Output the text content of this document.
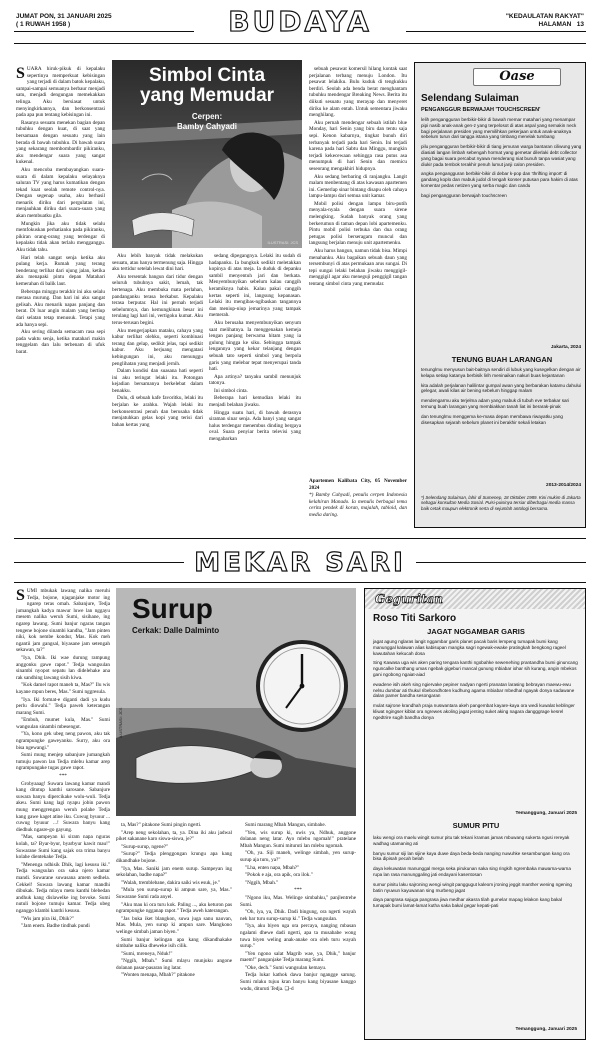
JUMAT PON, 31 JANUARI 2025
( 1 RUWAH 1958 )	BUDAYA	"KEDAULATAN RAKYAT"
HALAMAN 13
S UARA hiruk-pikuk di kepalaku sepertinya memperkuat kebisingan yang terjadi di dalam batok kepalaku, sampai-sampai semuanya berbaur menjadi satu, menjadi dengungan memekakkan telinga. Aku bersiasat untuk menyingkirkannya, dan berkonsentrasi pada apa pun tentang kebisingan ini.

Rasanya sesuatu menekan bagian depan tubuhku dengan kuat, di saat yang bersamaan dengan sesuatu yang lain berada di bawah tubuhku. Di bawah suara yang sekarang membombardir pikiranku, aku mendengar suara yang sangat kukenal.

Aku mencoba membayangkan suara-suara di dalam kepalaku selayaknya saluran TV yang harus kumatikan dengan tekad kuat seolah remote control-nya. Dengan segenap usaha, aku berhasil menarik diriku dari pergulatan ini, menjauhkan diriku dari suara-suara yang akan membuatku gila.

Mungkin jika aku tidak selalu memfokuskan perhatianku pada pikiranku, pikiran orang-orang yang terdengar di kepalaku tidak akan terlalu mengganggu. Aku tidak tahu.

Hari telah sangat senja ketika aku pulang kerja. Rumah yang terang benderang terlihat dari ujung jalan, ketika aku menapaki pintu depan Matahari kemerahan di balik laut.

Beberapa minggu terakhir ini aku selalu merasa murung. Dan hari ini aku sangat gelisah. Aku menarik napas panjang dan berat. Di luar angin malam yang bertiup dari selatan tetap menusuk. Tetapi yang ada hanya sepi.

Aku sering dilanda semacam rasa sepi pada waktu senja, ketika matahari makin tenggelam dan lalu terbenam di ufuk barat.

Simbol Cinta
yang Memudar
Cerpen:
Bamby Cahyadi
ILUSTRASI: JCS

Aku lebih banyak tidak melakukan sesuatu, atau hanya termenung saja. Hingga aku tertidur setelah lewat dini hari.

Aku tersentak bangun dari tidur dengan seluruh tubuhnya sakit, lemah, tak bertenaga. Aku membuka mata perlahan, pandanganku terasa berkabut. Kepalaku terasa berputar. Hal ini pernah terjadi sebelumnya, dan kemungkinan besar ini terulang lagi hari ini, vertigoku kumat. Aku terus-terusan begini.

Aku mengerjapkan mataku, cahaya yang kabur terlihat olehku, seperti kombinasi terang dan gelap, sedikit jelas, tapi sedikit kabur. Aku berjuang mengatasi kebingungan ini, aku menunggu penglihatan yang menjadi jernih.

Dalam kondisi dan suasana hati seperti ini aku teringat lelaki itu. Potongan kejadian bersamanya berkelebat dalam benakku.

Dulu, di sebuah kafe favoritku, lelaki itu berjalan ke arahku. Wajah lelaki itu berkonsentrasi penuh dan berusaha tidak menjatuhkan gelas kopi yang terisi dari bahan kertas yang

sedang dipegangnya. Lelaki itu sudah di hadapanku. Ia bungkuk sedikit meletakkan kopinya di atas meja. Ia duduk di depanku sambil menyentuh jari dan berkata. Menyembunyikan sebelum kalau canggih keramiknya habis. Kalau pakai canggih kertas seperti ini, langsung kepanasan. Lelaki itu mengibas-ngibaskan tangannya dan meniup-niup jemarinya yang tampak memerah.

Aku berusaha menyembunyikan senyum saat melihatnya. Ia menggenakan kemeja lengan panjang berwarna hitam yang ia gulung hingga ke siku. Sebingga tampak lengannya yang kekar telanjang dengan sebuah tato seperti simbol yang berpola garis yang melebar tepat menyerupai tanda hati.

Apa artinya? tanyaku sambil menunjuk tatonya.

Ini simbol cinta.

Beberapa hari kemudian lelaki itu menjadi belahan jiwaku.

Hingga suatu hari, di bawah derasnya siraman sinar senja. Ada banyi yang sangat halus terdengar menembus dinding bergaya oval. Suara penyiar berita televisi yang mengabarkan

sebuah pesawat komersil hilang kontak saat perjalanan terbang menuju London. Itu pesawat lelakiku. Bulu kuduk di tengkukku berdiri. Seolah ada benda berat menghantam tubuhku mendengar Breaking News. Berita itu diikuti sesuatu yang merayap dan menyeret diriku ke alam entah. Untuk sementara jiwaku menghilang.

Aku pernah mendengar sebuah istilah blue Monday, hari Senin yang biru dan tentu saja sepi. Kenon kabarnya, tingkat bunuh diri terbanyak terjadi pada hari Senin. Ini terjadi karena pada hari Sabtu dan Minggu, mungkin terjadi kekecewaan sehingga rasa putus asa menumpuk di hari Senin dan memicu seseorang mengakhiri hidupnya.

Aku sedang berbaring di ranjangku. Langit malam menbentang di atas kawasan apartemen ini. Gemerlap sinar bintang disapu oleh cahaya lampu-lampu dari semua unit kamar.

Mobil polisi dengan lampu biru-putih menyala-nyala dengan suara sirene melengking. Sudah banyak orang yang berkerumun di taman depan lobi apartemenku. Pintu mobil polisi terbuka dan dua orang petugas polisi berseragam muncul dan langsung berjalan menuju unit apartemenku.

Aku harus bangun, namun tidak bisa. Mimpi menahanku. Aku bagaikan sebuah daun yang tersembunyi di atas permukaan arus sungai. Di tepi sungai lelaki belahan jiwaku menggigil-menggigil agar aku meneguji penggigil tangan tentang simbol cinta yang memudar.

Apartemen Kalibata City, 05 November 2024
*) Bamby Cahyadi, penulis cerpen Indonesia kelahiran Manado. Ia menulis berbagai tema cerita pendek di koran, majalah, tabloid, dan media daring.
Oase
Selendang Sulaiman
PENGANGGUR BERWAJAH 'TOUCHSCREEN'
lelih pengangguran berbikir-bikir di bawah memar matahari yang menampar pipi nasib anak-anak gen-z yang terpelosot di atas aspal yang semakin neck bagi perjalanan presiden yang memilihkan pekerjaan untuk anak-anaknya sebelum turun dari tangga istana yang timbang menelak tumbang
pilu pengangguran berbikir-bikir di tiang jemuran warga bantaran ciliwung yang diasiati langan limbah sebengah hormat yang gemetar dilerlaki debt collector yang bagai suara percabut nyawa menderang niat bunuh tanpa wasiat yang diukir pada tembok terakhir penuh lumut janji calon presiden.
angka pengangguran berbikir-bikir di debar k-pop dan 'thrifting import' di gandang koplo dan mabuk judol di tengah konser putusan para hakim di atas komentar pedas netizen yang serba magic dan candu
bagi pengangguran berwajah touchscreen
Jakarta, 2024
TENUNG BUAH LARANGAN
tenunglmu menyusun bait-baitnya sendiri di lubuk yang kusegelkan dengan air kelapa setiap katanya berbisik lirih meninaikan nakuri buas kejantanan
kita adalah perjalanan halilintar gumpal awan yang berbarakan katamu dahului gelegar, awali kilas air bening sebelum hinggap malam
mendengarmu aku terjelma adam yang mabuk di tubuh eve terbakar sari temung buah larangan yang membiakkan tanah liat ini berarak-pinak
dan tenunglmu menggema ke-masa depan membawa riwayatku yang disesapkan sejarah sebelum planet ini berakhir sekali letakan
2013-2014/2024
*) Selendang Sulaiman, lahir di Sumenep, 18 Oktober 1989. Kini mukim di Jakarta sebagai konsultan Media Sosial. Puisi-puisinya tersiar diberbagai media massa baik cetak maupun elektronik serta di sejumlah antologi bersama.
MEKAR SARI
Surup
Cerkak: Dalle Dalminto
ILUSTRASI: JCS
S UMI mbukak lawang nalika meruhi Tedja, bojone, njaganjake motor ing ngarep teras omah. Sabanjure, Tedja jumangkah kadya mawur luwe lan nggayu mesem nalika weruh Sumi, sisihane, ing ngarep lawang. Sumi banjur ngaras tangan tengene bojone sinambi kandha, "Jam pinten niki, kok nembe kondur, Mas. Kok meh ngantii jam gangsal, biyasane jam setengah sekawan, ta?"

"Iya, Dhik. Iki wae durung rampung anggonku gawe rapot." Tedja wangsulan sinambi nyopot sepatu lan didelehake ana rak sandhing lawang sisih kiwa.

"Kok damel rapot maneh ta, Mas?" Ilu wis kayane mpun beres, Mas." Sumi nggresula.

"Iya. Iki format-e diganti dadi ya kudu perlu diowahi." Tedja paweh keterangan marang Sumi.

"Embuh, mumet kula, Mas." Sumi wangsulan sinambi mbesengut.

"Ya, kono gek ubeg neng pawon, aku tak ngrampungke gaweyanku. Surry, aku ora bisa ngewangi."

Sumi mung menjep sabanjure jumangkah tumuju pawon lan Tedja mlebu kamar arep ngrampungake tugas gawe rapot.

***

Grobyaaag! Suwara lawang kamar mandi kang ditutup kanthi sarosane. Sabanjure suwara banyu dipercikake wolu-wuli. Tedja akeu. Sumi kang lagi nyapu jobin pawon mung menggrengan weruh polahe Tedja kang gawe kaget atine iku. Cuwug byuuur ... cuwug byuuur ...! Suwara banyu kang diedhuk ngasre-go gayung.

"Mas, sampeyan ki siram napa nguras kolah, ta? Byar-byur, byarbyur kawit mau!" Suwarane Sumi kang sajak ora trima banyu kolahe dientekake Tedja.

"Menenga ndhisik Dhik, lagi kesusu iki." Tedja wangsulan ora saka njero kamar mandi. Suwarane suwasana amem sedhela. Cekkel! Suwara lawang kamar mandhi dibukak. Tedja mlayu metu kanthi blebedan andhuk kang dislawelke ing bovoke. Sumi nutuli bojone tumuju kamar. Tedja ubeg nganggo klambi kanthi kesusu.

"Wis jam pira iki, Dhik?"

"Jam enem. Badhe tindhak pundi

ta, Mas?" pitakone Sumi pingin ngerti.

"Arep neng sekolahan, ta, ya. Dina iki aku jadwal piket sakanane karo siswa-siswa, je?"

"Surup-surup, ngene?"

"Surup?" Tedja plenggongan krungu apa kang dikandhake bojone.

"Iya, Mas. Saniki jam enem surup. Sampeyan ing sekolahan, badhe napa?"

"Walah, tremblebane, dakira saiki wis esuk, je."

"Mula yen surup-surup ki ampun sare, ya, Mas." Suwarane Sumi rada anyel.

"Aku mau ki ora turu kok. Paling ..., aku keturon pas ngrampungke ngganap rapot." Tedja aweh katerangan.

"Jas buka iket blangkon, suwa juga sanu nauvan, Mas. Mula, yen surup ki ampun sare. Mangkono welinge simbah jaman biyen."

Sumi banjur kelingan apa kang dikandhakake simbahe nalika dheweke isih cilik.

"Sumi, mreneya, Nduk!"

"Nggih, Mbah." Sumi mlayu munjuku angone dolanan pasar-pasaran ing latar.

"Wonten menapa, Mbah?" pitakone

Sumi marang Mbah Mangun, simbahe.

"Yen, wis surup ki, uwis ya, Ndhuk, anggone dolanan neng latar. Ayo mlebu ngomah!" pratelane Mbah Mangun. Sumi mituruti lan mlebu ngomah.

"Oh, ya. Siji maneh, welinge simbah, yen surup-surup aja turu, ya?"

"Lha, enten napa, Mbah?"

"Pokok e aja, ora apik, ora ilok."

"Nggih, Mbah."

***

"Ngono iku, Mas. Welinge simbahku," panjlentrehe Sumi.

"Oh, iya, ya, Dhik. Dadi bingung, ora ngerti wayah nek bar turu surup-surup ki." Tedja wangsulan.

"Iya, aku biyen uga ora percaya, nanging mbasan ngalami dhewe dadi ngerti, apa ta musababe wong tuwa biyen weling anak-anake ora oleh turu wayah surup."

"Yen ngono salat Magrib wae, ya, Dhik," banjur maem!" panganjake Tedja marang Sumi.

"Oke, dech." Sumi wangsulan kemayu.

Tedja lukar kathok dawa banjur ngangge sarung. Sumi mlaku tujuu kran banyu kang biyasane kanggo wudu, dituruti Tedja. ❑-d

Geguritan
Roso Titi Sarkoro
JAGAT NGGAMBAR GARIS
jagat agung nglaras langit nggambar garis planet pacak baris lempeng tumapak bumi kang manunggal kalawan alias kabisupan mangka sagri ngewak-ewake pratingkah bengkong rageel kawutahan kekucah dosa
Sing Kawasa uga wis aken paring tengara kanthi ngobahke sewenehing prantandha bumi ginuncang nguncalke banthang umas ngebak gigeburi mancal gunung mbiabar iohar sih kurang, angin mbekos gani ngobong ngaiat-aiad
ewadene isih akeh sing ngiervake pepiner nadyan ngerti pranatan larasing bebrayan maewu-ewu nelsu dumbar ati thukul ribebondhoten kudhung agama mbiabar mbedhal ngayak donya sadawane dalan pamer bandha sesongaran
mulat sajrone krandhah praja nuswantara akeh pangembat kayare-kaya ora wedi kuwalat keblinger kliwat ngingser kiblat ora ngrewes akoling jagat jenting suket aking nagara dangggrage kesrel ngedtrire sugih bandha donya
Temanggung, Januari 2025
SUMUR PITU
laku wengi ora maelu wingit sumur pitu tak tekani kramas jamas mbuwang sukerta ngusi rereyak wadhag utamaning ati
banyu sumur siji lan sijine kaya duwe daya beda-beda nanging nuwuhke sesambungan kang ora bisa dipisah pecah belah
daya kekuwatan manunggal merga seka pirukunan saka sing ringkih ngrembaka mawarna-warna rupa lan rasa manunggaling jati endayani kasentosan
sumur pinitu laku sajroning wengi wingit panggugut kaleom jroning jeggit manther wening ngening batin nyuwun kayuwanan sing murbeng jagat
daya pangrasa sajuga pangrasa jiwa medhar akasra tilah gumelar mapag lelakon kang bakal tumapak bumi lamat-lamat kutha saka bakal gegar kepati-pati
Temanggung, Januari 2025
